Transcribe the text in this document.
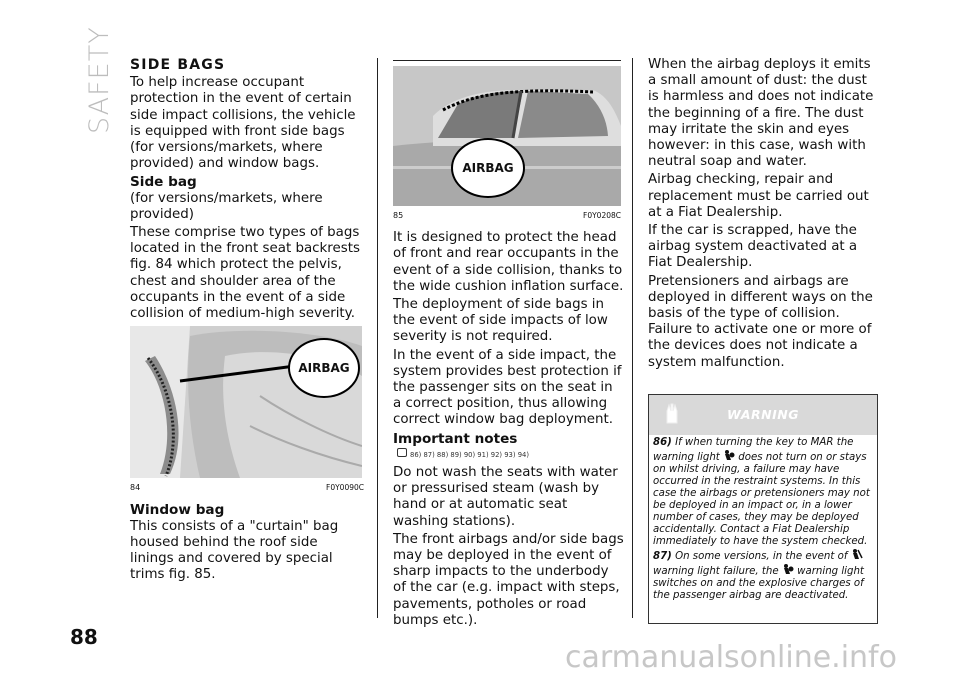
SAFETY SIDE BAGS

To help increase occupant protection in the event of certain side impact collisions, the vehicle is equipped with front side bags (for versions/markets, where provided) and window bags.

Side bag

(for versions/markets, where provided)

These comprise two types of bags located in the front seat backrests fig. 84 which protect the pelvis, chest and shoulder area of the occupants in the event of a side collision of medium-high severity.

AIRBAG
84	F0Y0090C
Window bag

This consists of a "curtain" bag housed behind the roof side linings and covered by special trims fig. 85.

AIRBAG
85	F0Y0208C

It is designed to protect the head of front and rear occupants in the event of a side collision, thanks to the wide cushion inflation surface.

The deployment of side bags in the event of side impacts of low severity is not required.

In the event of a side impact, the system provides best protection if the passenger sits on the seat in a correct position, thus allowing correct window bag deployment.

Important notes
86) 87) 88) 89) 90) 91) 92) 93) 94)

Do not wash the seats with water or pressurised steam (wash by hand or at automatic seat washing stations).

The front airbags and/or side bags may be deployed in the event of sharp impacts to the underbody of the car (e.g. impact with steps, pavements, potholes or road bumps etc.).

When the airbag deploys it emits a small amount of dust: the dust is harmless and does not indicate the beginning of a fire. The dust may irritate the skin and eyes however: in this case, wash with neutral soap and water.

Airbag checking, repair and replacement must be carried out at a Fiat Dealership.

If the car is scrapped, have the airbag system deactivated at a Fiat Dealership.

Pretensioners and airbags are deployed in different ways on the basis of the type of collision. Failure to activate one or more of the devices does not indicate a system malfunction.

WARNING
86) If when turning the key to MAR the warning light does not turn on or stays on whilst driving, a failure may have occurred in the restraint systems. In this case the airbags or pretensioners may not be deployed in an impact or, in a lower number of cases, they may be deployed accidentally. Contact a Fiat Dealership immediately to have the system checked.
87) On some versions, in the event of  warning light failure, the warning light switches on and the explosive charges of the passenger airbag are deactivated.
88
carmanualsonline.info
